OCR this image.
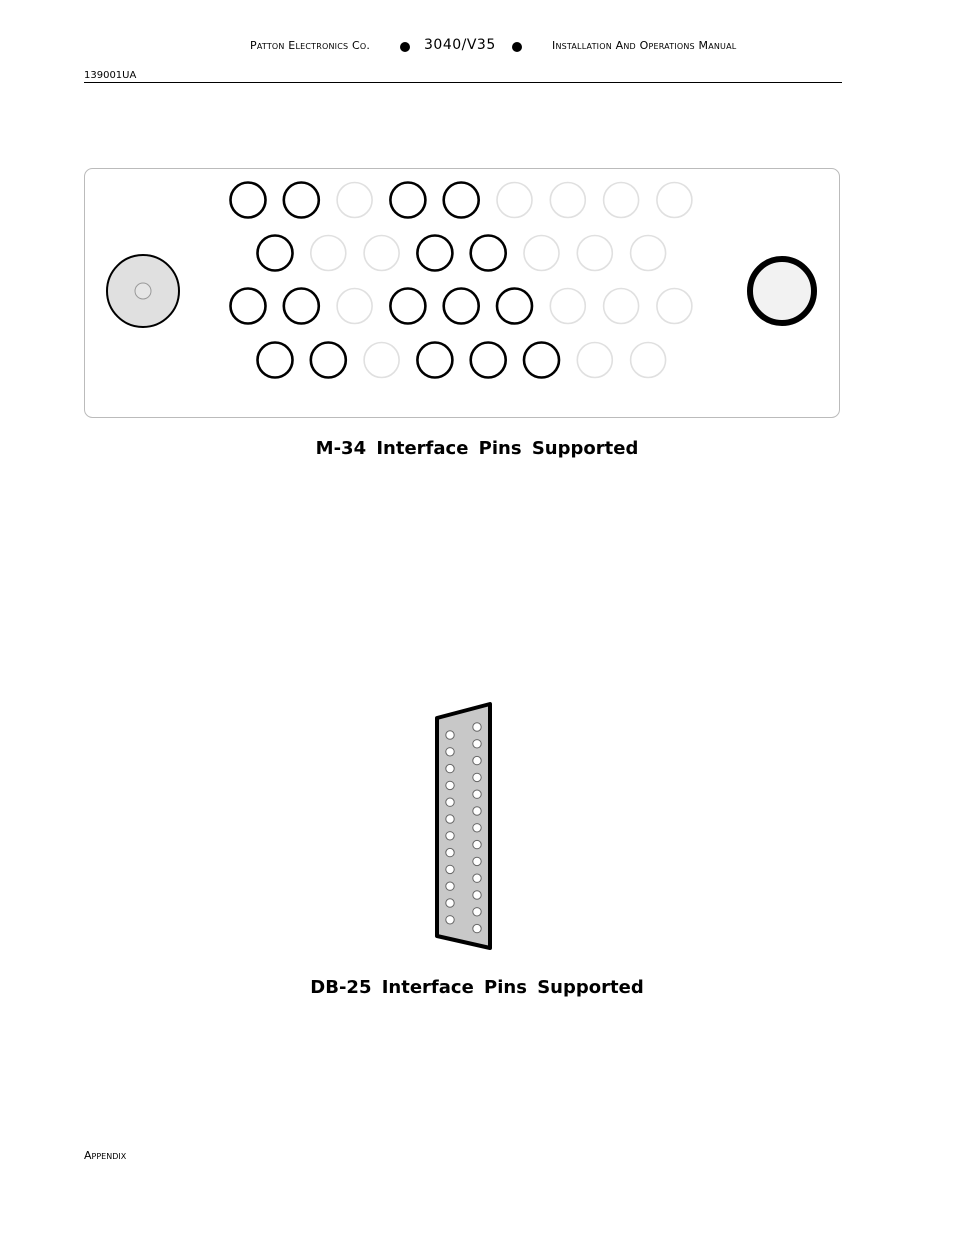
Patton Electronics Co.	3040/V35	Installation And Operations Manual
139001UA
M-34 Interface Pins Supported
DB-25 Interface Pins Supported
Appendix
